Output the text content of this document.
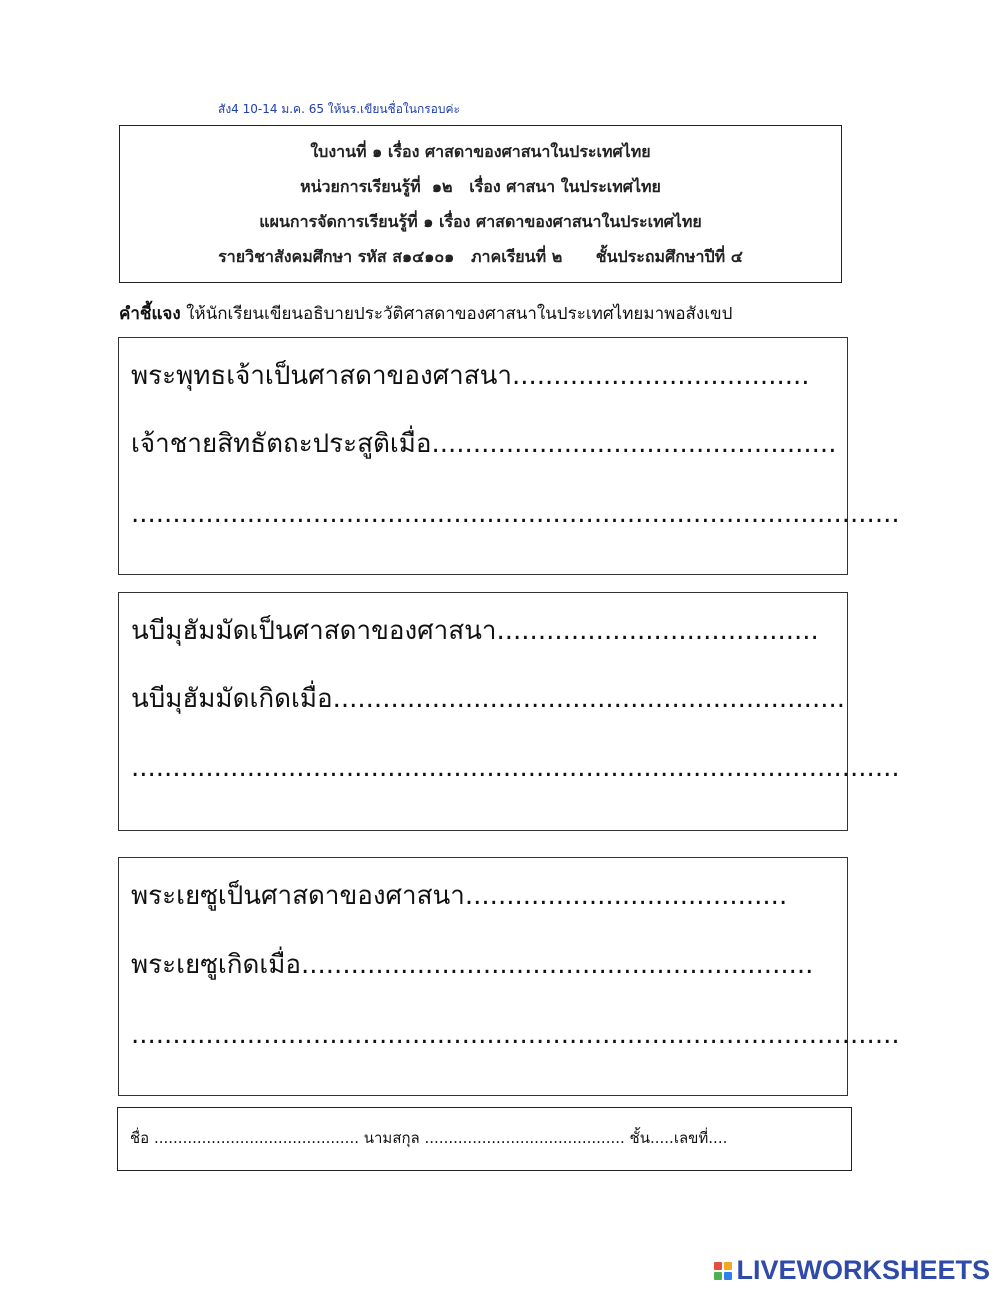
สัง4 10-14 ม.ค. 65 ให้นร.เขียนชื่อในกรอบค่ะ
ใบงานที่ ๑ เรื่อง ศาสดาของศาสนาในประเทศไทย
หน่วยการเรียนรู้ที่  ๑๒   เรื่อง ศาสนา ในประเทศไทย
แผนการจัดการเรียนรู้ที่ ๑ เรื่อง ศาสดาของศาสนาในประเทศไทย
รายวิชาสังคมศึกษา รหัส ส๑๔๑๐๑   ภาคเรียนที่ ๒      ชั้นประถมศึกษาปีที่ ๔
คำชี้แจง ให้นักเรียนเขียนอธิบายประวัติศาสดาของศาสนาในประเทศไทยมาพอสังเขป
พระพุทธเจ้าเป็นศาสดาของศาสนา....................................
เจ้าชายสิทธัตถะประสูติเมื่อ.................................................
.............................................................................................
นบีมุฮัมมัดเป็นศาสดาของศาสนา.......................................
นบีมุฮัมมัดเกิดเมื่อ..............................................................
.............................................................................................
พระเยซูเป็นศาสดาของศาสนา.......................................
พระเยซูเกิดเมื่อ..............................................................
.............................................................................................
ชื่อ ........................................... นามสกุล .......................................... ชั้น.....เลขที่....
LIVEWORKSHEETS
